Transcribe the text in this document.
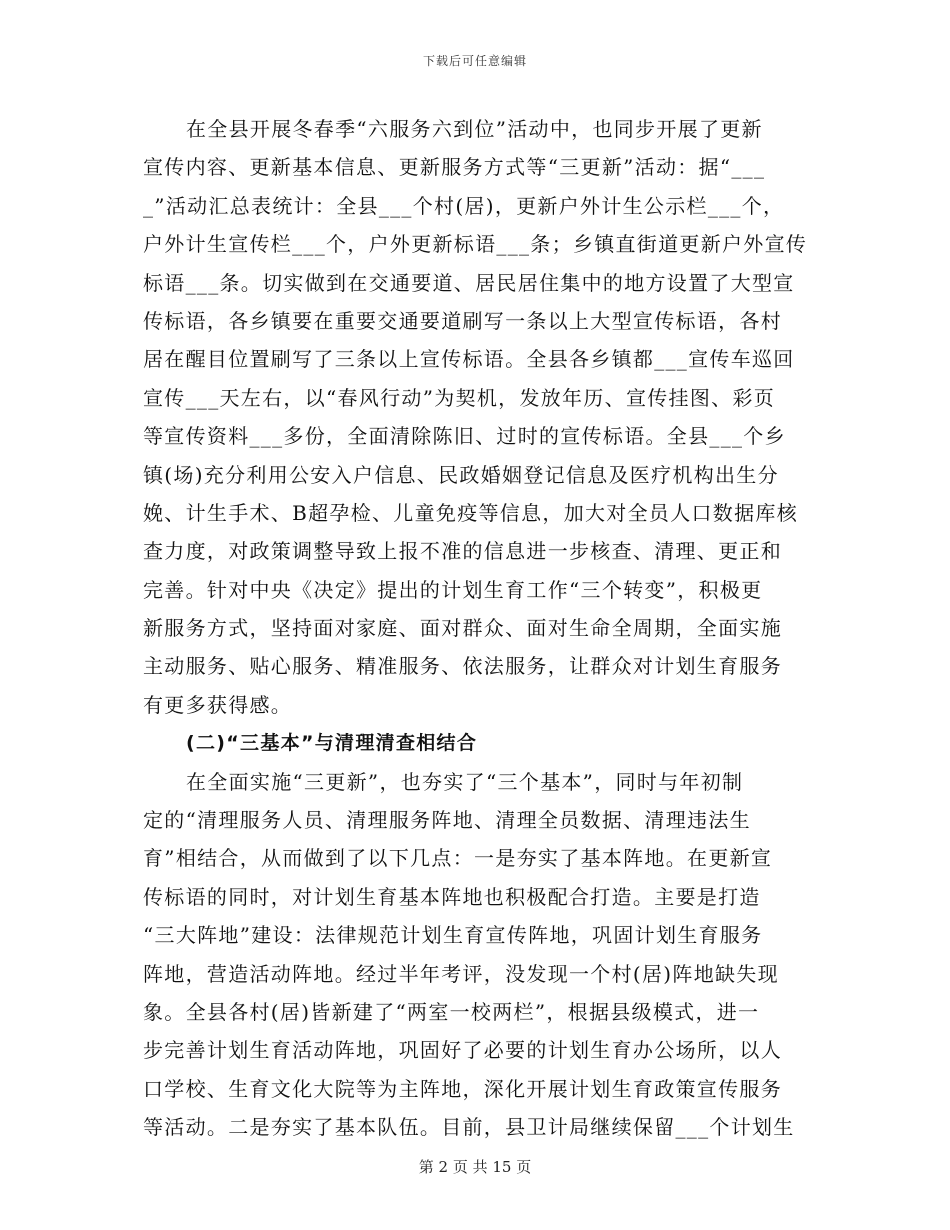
下载后可任意编辑
在全县开展冬春季“六服务六到位”活动中，也同步开展了更新
宣传内容、更新基本信息、更新服务方式等“三更新”活动：据“___
_”活动汇总表统计：全县___个村(居)，更新户外计生公示栏___个，
户外计生宣传栏___个，户外更新标语___条；乡镇直街道更新户外宣传
标语___条。切实做到在交通要道、居民居住集中的地方设置了大型宣
传标语，各乡镇要在重要交通要道刷写一条以上大型宣传标语，各村
居在醒目位置刷写了三条以上宣传标语。全县各乡镇都___宣传车巡回
宣传___天左右，以“春风行动”为契机，发放年历、宣传挂图、彩页
等宣传资料___多份，全面清除陈旧、过时的宣传标语。全县___个乡
镇(场)充分利用公安入户信息、民政婚姻登记信息及医疗机构出生分
娩、计生手术、B超孕检、儿童免疫等信息，加大对全员人口数据库核
查力度，对政策调整导致上报不准的信息进一步核查、清理、更正和
完善。针对中央《决定》提出的计划生育工作“三个转变”，积极更
新服务方式，坚持面对家庭、面对群众、面对生命全周期，全面实施
主动服务、贴心服务、精准服务、依法服务，让群众对计划生育服务
有更多获得感。
(二)“三基本”与清理清查相结合
在全面实施“三更新”，也夯实了“三个基本”，同时与年初制
定的“清理服务人员、清理服务阵地、清理全员数据、清理违法生
育”相结合，从而做到了以下几点：一是夯实了基本阵地。在更新宣
传标语的同时，对计划生育基本阵地也积极配合打造。主要是打造
“三大阵地”建设：法律规范计划生育宣传阵地，巩固计划生育服务
阵地，营造活动阵地。经过半年考评，没发现一个村(居)阵地缺失现
象。全县各村(居)皆新建了“两室一校两栏”，根据县级模式，进一
步完善计划生育活动阵地，巩固好了必要的计划生育办公场所，以人
口学校、生育文化大院等为主阵地，深化开展计划生育政策宣传服务
等活动。二是夯实了基本队伍。目前，县卫计局继续保留___个计划生
第 2 页 共 15 页
